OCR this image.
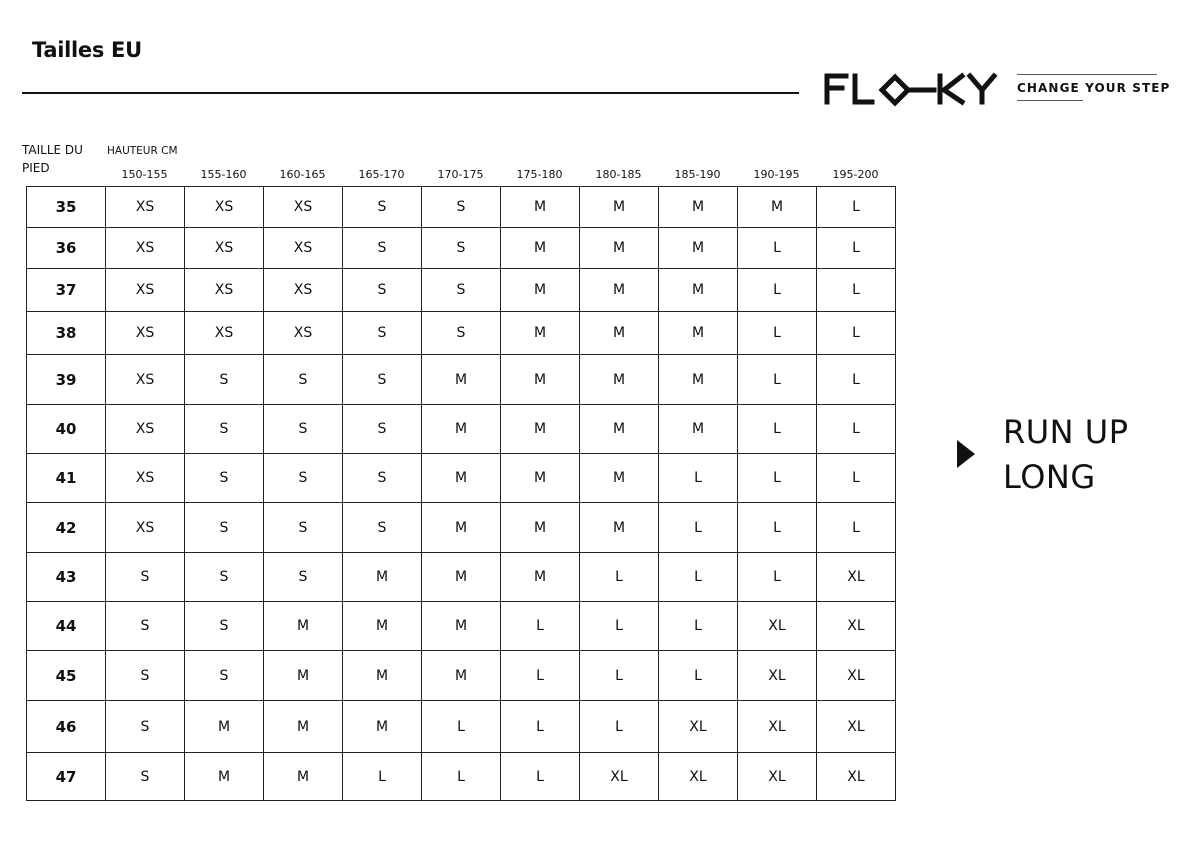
Tailles EU
CHANGE YOUR STEP
TAILLE DU PIED
HAUTEUR CM
150-155	155-160	160-165	165-170	170-175	175-180	180-185	185-190	190-195	195-200
35	XS	XS	XS	S	S	M	M	M	M	L
36	XS	XS	XS	S	S	M	M	M	L	L
37	XS	XS	XS	S	S	M	M	M	L	L
38	XS	XS	XS	S	S	M	M	M	L	L
39	XS	S	S	S	M	M	M	M	L	L
40	XS	S	S	S	M	M	M	M	L	L
41	XS	S	S	S	M	M	M	L	L	L
42	XS	S	S	S	M	M	M	L	L	L
43	S	S	S	M	M	M	L	L	L	XL
44	S	S	M	M	M	L	L	L	XL	XL
45	S	S	M	M	M	L	L	L	XL	XL
46	S	M	M	M	L	L	L	XL	XL	XL
47	S	M	M	L	L	L	XL	XL	XL	XL
RUN UP
LONG
